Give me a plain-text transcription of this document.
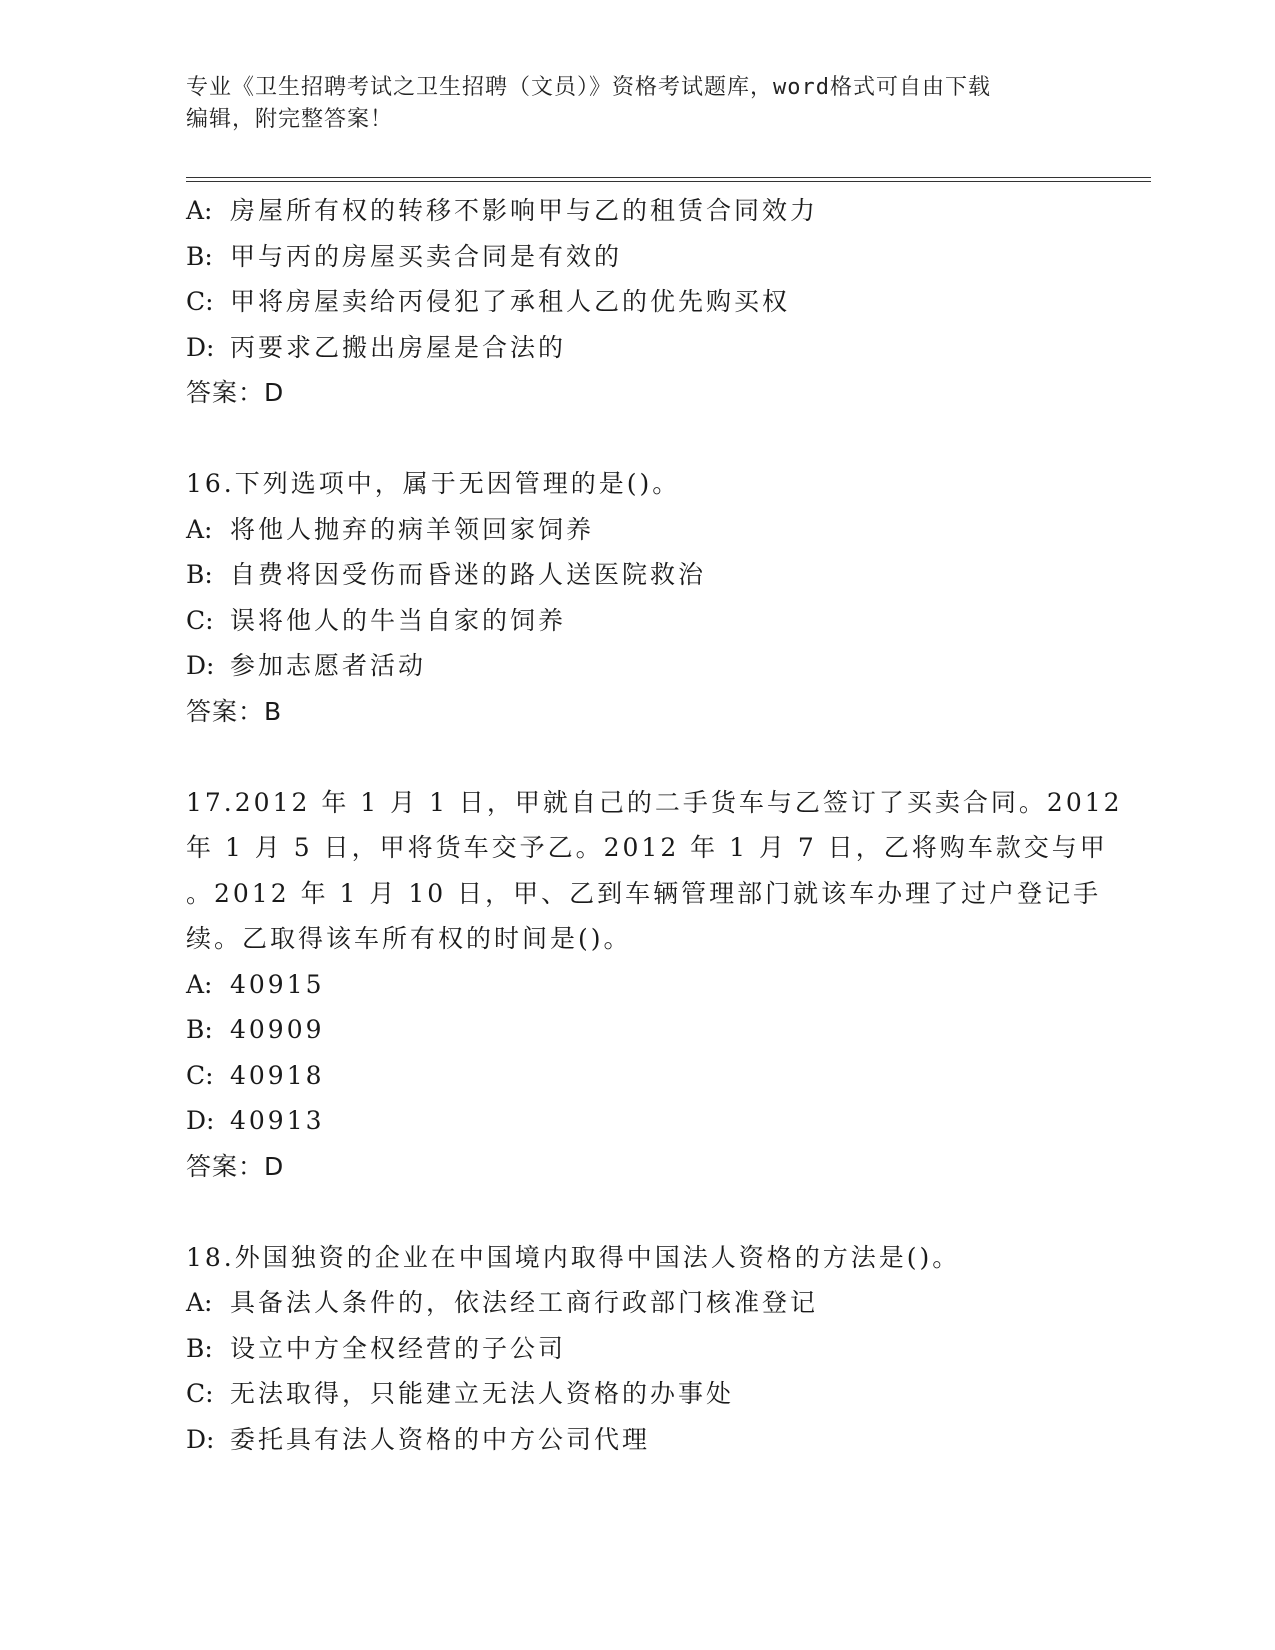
专业《卫生招聘考试之卫生招聘（文员）》资格考试题库，word格式可自由下载
编辑，附完整答案！
A: 房屋所有权的转移不影响甲与乙的租赁合同效力
B: 甲与丙的房屋买卖合同是有效的
C: 甲将房屋卖给丙侵犯了承租人乙的优先购买权
D: 丙要求乙搬出房屋是合法的
答案：D
16.下列选项中，属于无因管理的是()。
A: 将他人抛弃的病羊领回家饲养
B: 自费将因受伤而昏迷的路人送医院救治
C: 误将他人的牛当自家的饲养
D: 参加志愿者活动
答案：B
17.2012 年 1 月 1 日，甲就自己的二手货车与乙签订了买卖合同。2012
年 1 月 5 日，甲将货车交予乙。2012 年 1 月 7 日，乙将购车款交与甲
。2012 年 1 月 10 日，甲、乙到车辆管理部门就该车办理了过户登记手
续。乙取得该车所有权的时间是()。
A: 40915
B: 40909
C: 40918
D: 40913
答案：D
18.外国独资的企业在中国境内取得中国法人资格的方法是()。
A: 具备法人条件的，依法经工商行政部门核准登记
B: 设立中方全权经营的子公司
C: 无法取得，只能建立无法人资格的办事处
D: 委托具有法人资格的中方公司代理
